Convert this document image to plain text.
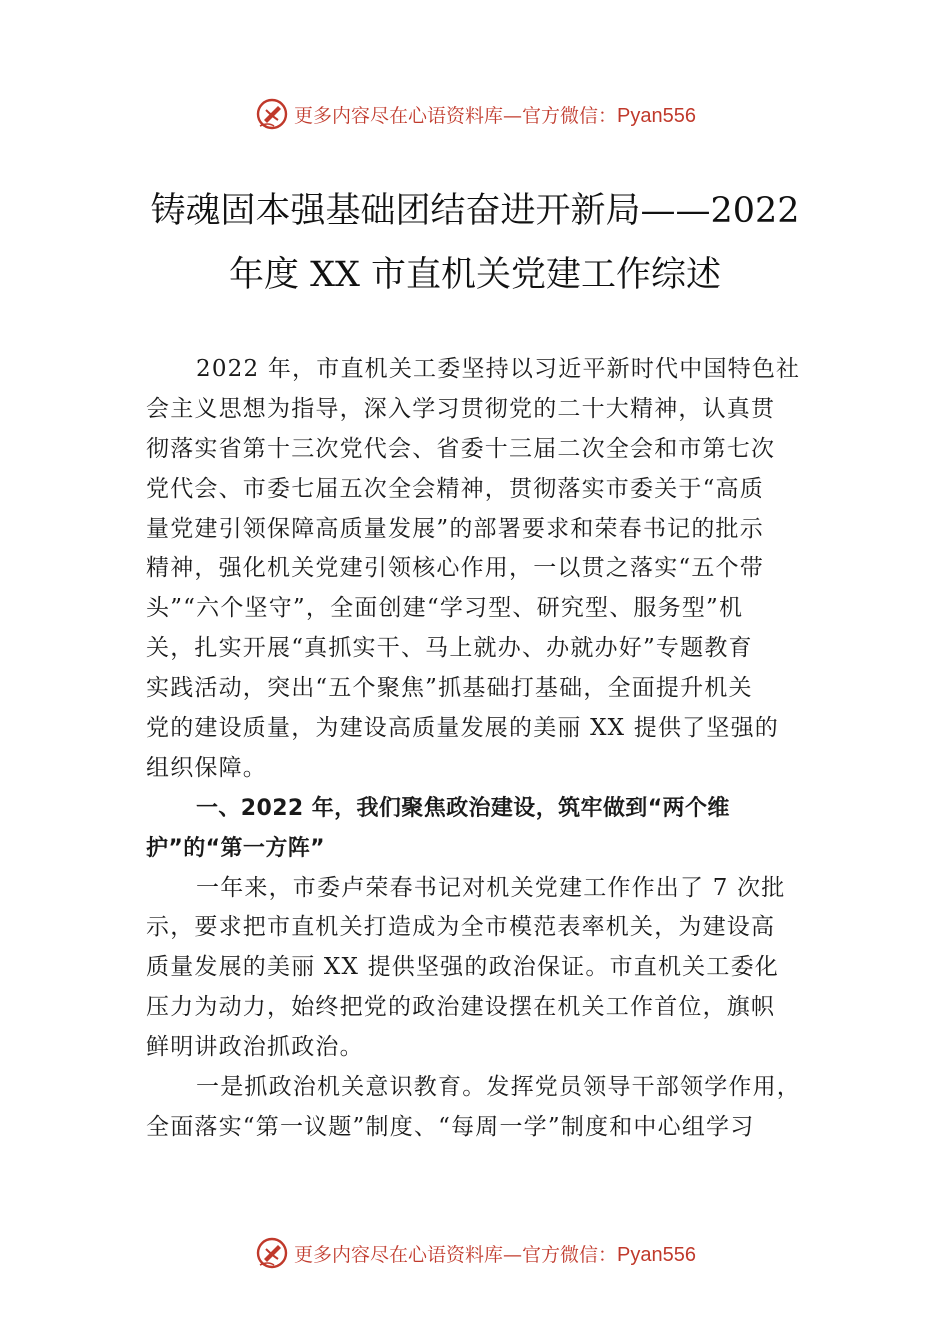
更多内容尽在心语资料库—官方微信：Pyan556
铸魂固本强基础团结奋进开新局——2022
年度 XX 市直机关党建工作综述
2022 年，市直机关工委坚持以习近平新时代中国特色社
会主义思想为指导，深入学习贯彻党的二十大精神，认真贯
彻落实省第十三次党代会、省委十三届二次全会和市第七次
党代会、市委七届五次全会精神，贯彻落实市委关于“高质
量党建引领保障高质量发展”的部署要求和荣春书记的批示
精神，强化机关党建引领核心作用，一以贯之落实“五个带
头”“六个坚守”，全面创建“学习型、研究型、服务型”机
关，扎实开展“真抓实干、马上就办、办就办好”专题教育
实践活动，突出“五个聚焦”抓基础打基础，全面提升机关
党的建设质量，为建设高质量发展的美丽 XX 提供了坚强的
组织保障。
一、2022 年，我们聚焦政治建设，筑牢做到“两个维
护”的“第一方阵”
一年来，市委卢荣春书记对机关党建工作作出了 7 次批
示，要求把市直机关打造成为全市模范表率机关，为建设高
质量发展的美丽 XX 提供坚强的政治保证。市直机关工委化
压力为动力，始终把党的政治建设摆在机关工作首位，旗帜
鲜明讲政治抓政治。
一是抓政治机关意识教育。发挥党员领导干部领学作用，
全面落实“第一议题”制度、“每周一学”制度和中心组学习
更多内容尽在心语资料库—官方微信：Pyan556
